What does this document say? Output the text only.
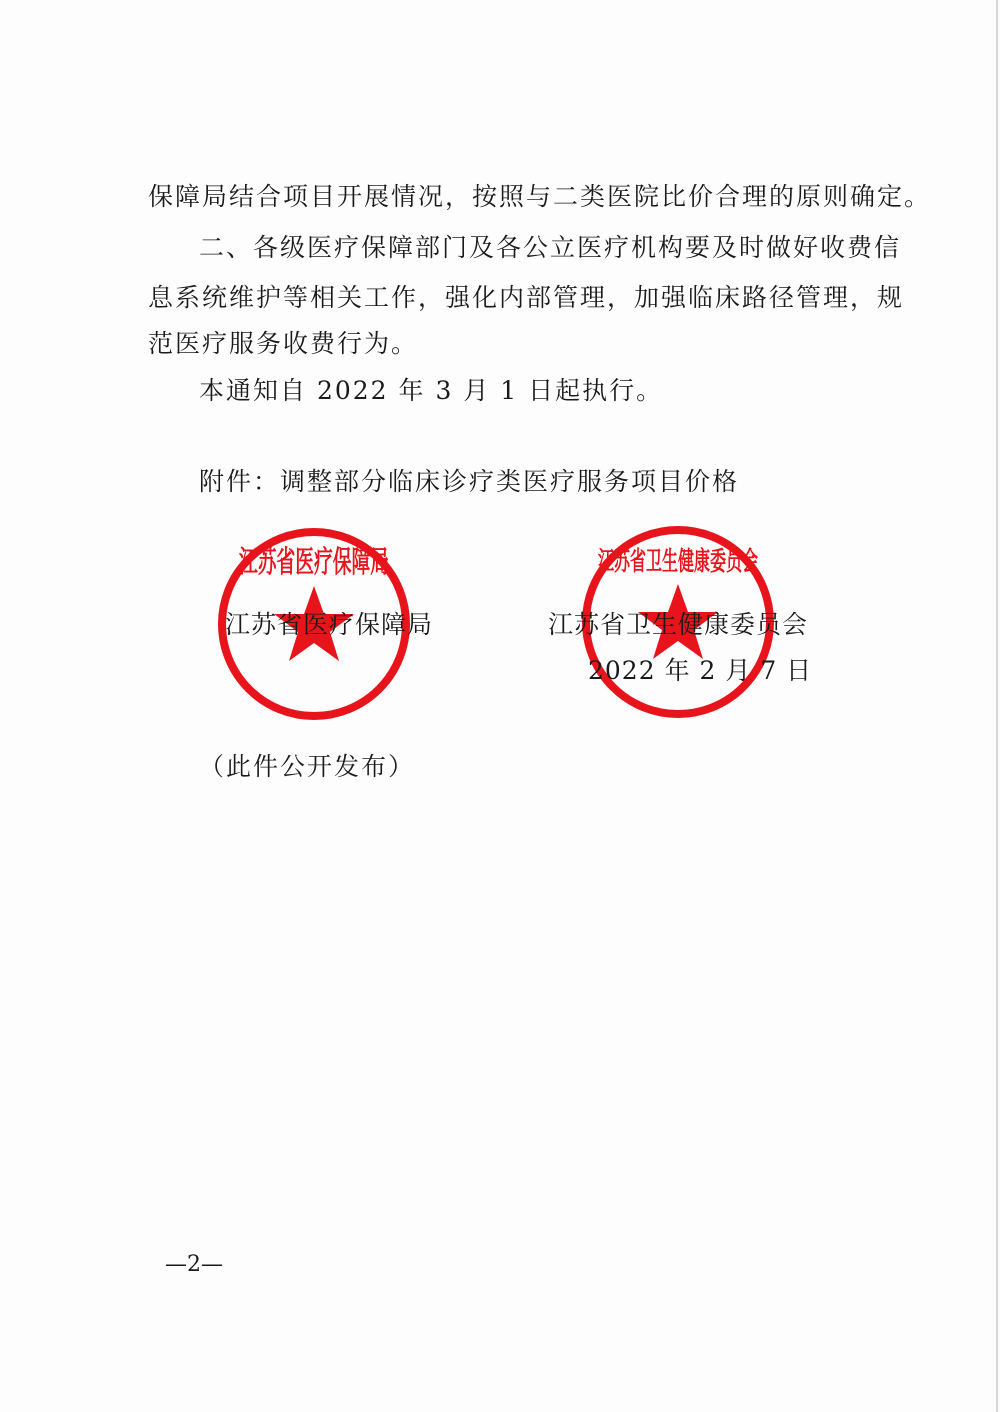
保障局结合项目开展情况，按照与二类医院比价合理的原则确定。
二、各级医疗保障部门及各公立医疗机构要及时做好收费信
息系统维护等相关工作，强化内部管理，加强临床路径管理，规
范医疗服务收费行为。
本通知自 2022 年 3 月 1 日起执行。
附件：调整部分临床诊疗类医疗服务项目价格
江苏省医疗保障局	江苏省卫生健康委员会
江苏省医疗保障局	江苏省卫生健康委员会
2022 年 2 月 7 日
（此件公开发布）
—2—
